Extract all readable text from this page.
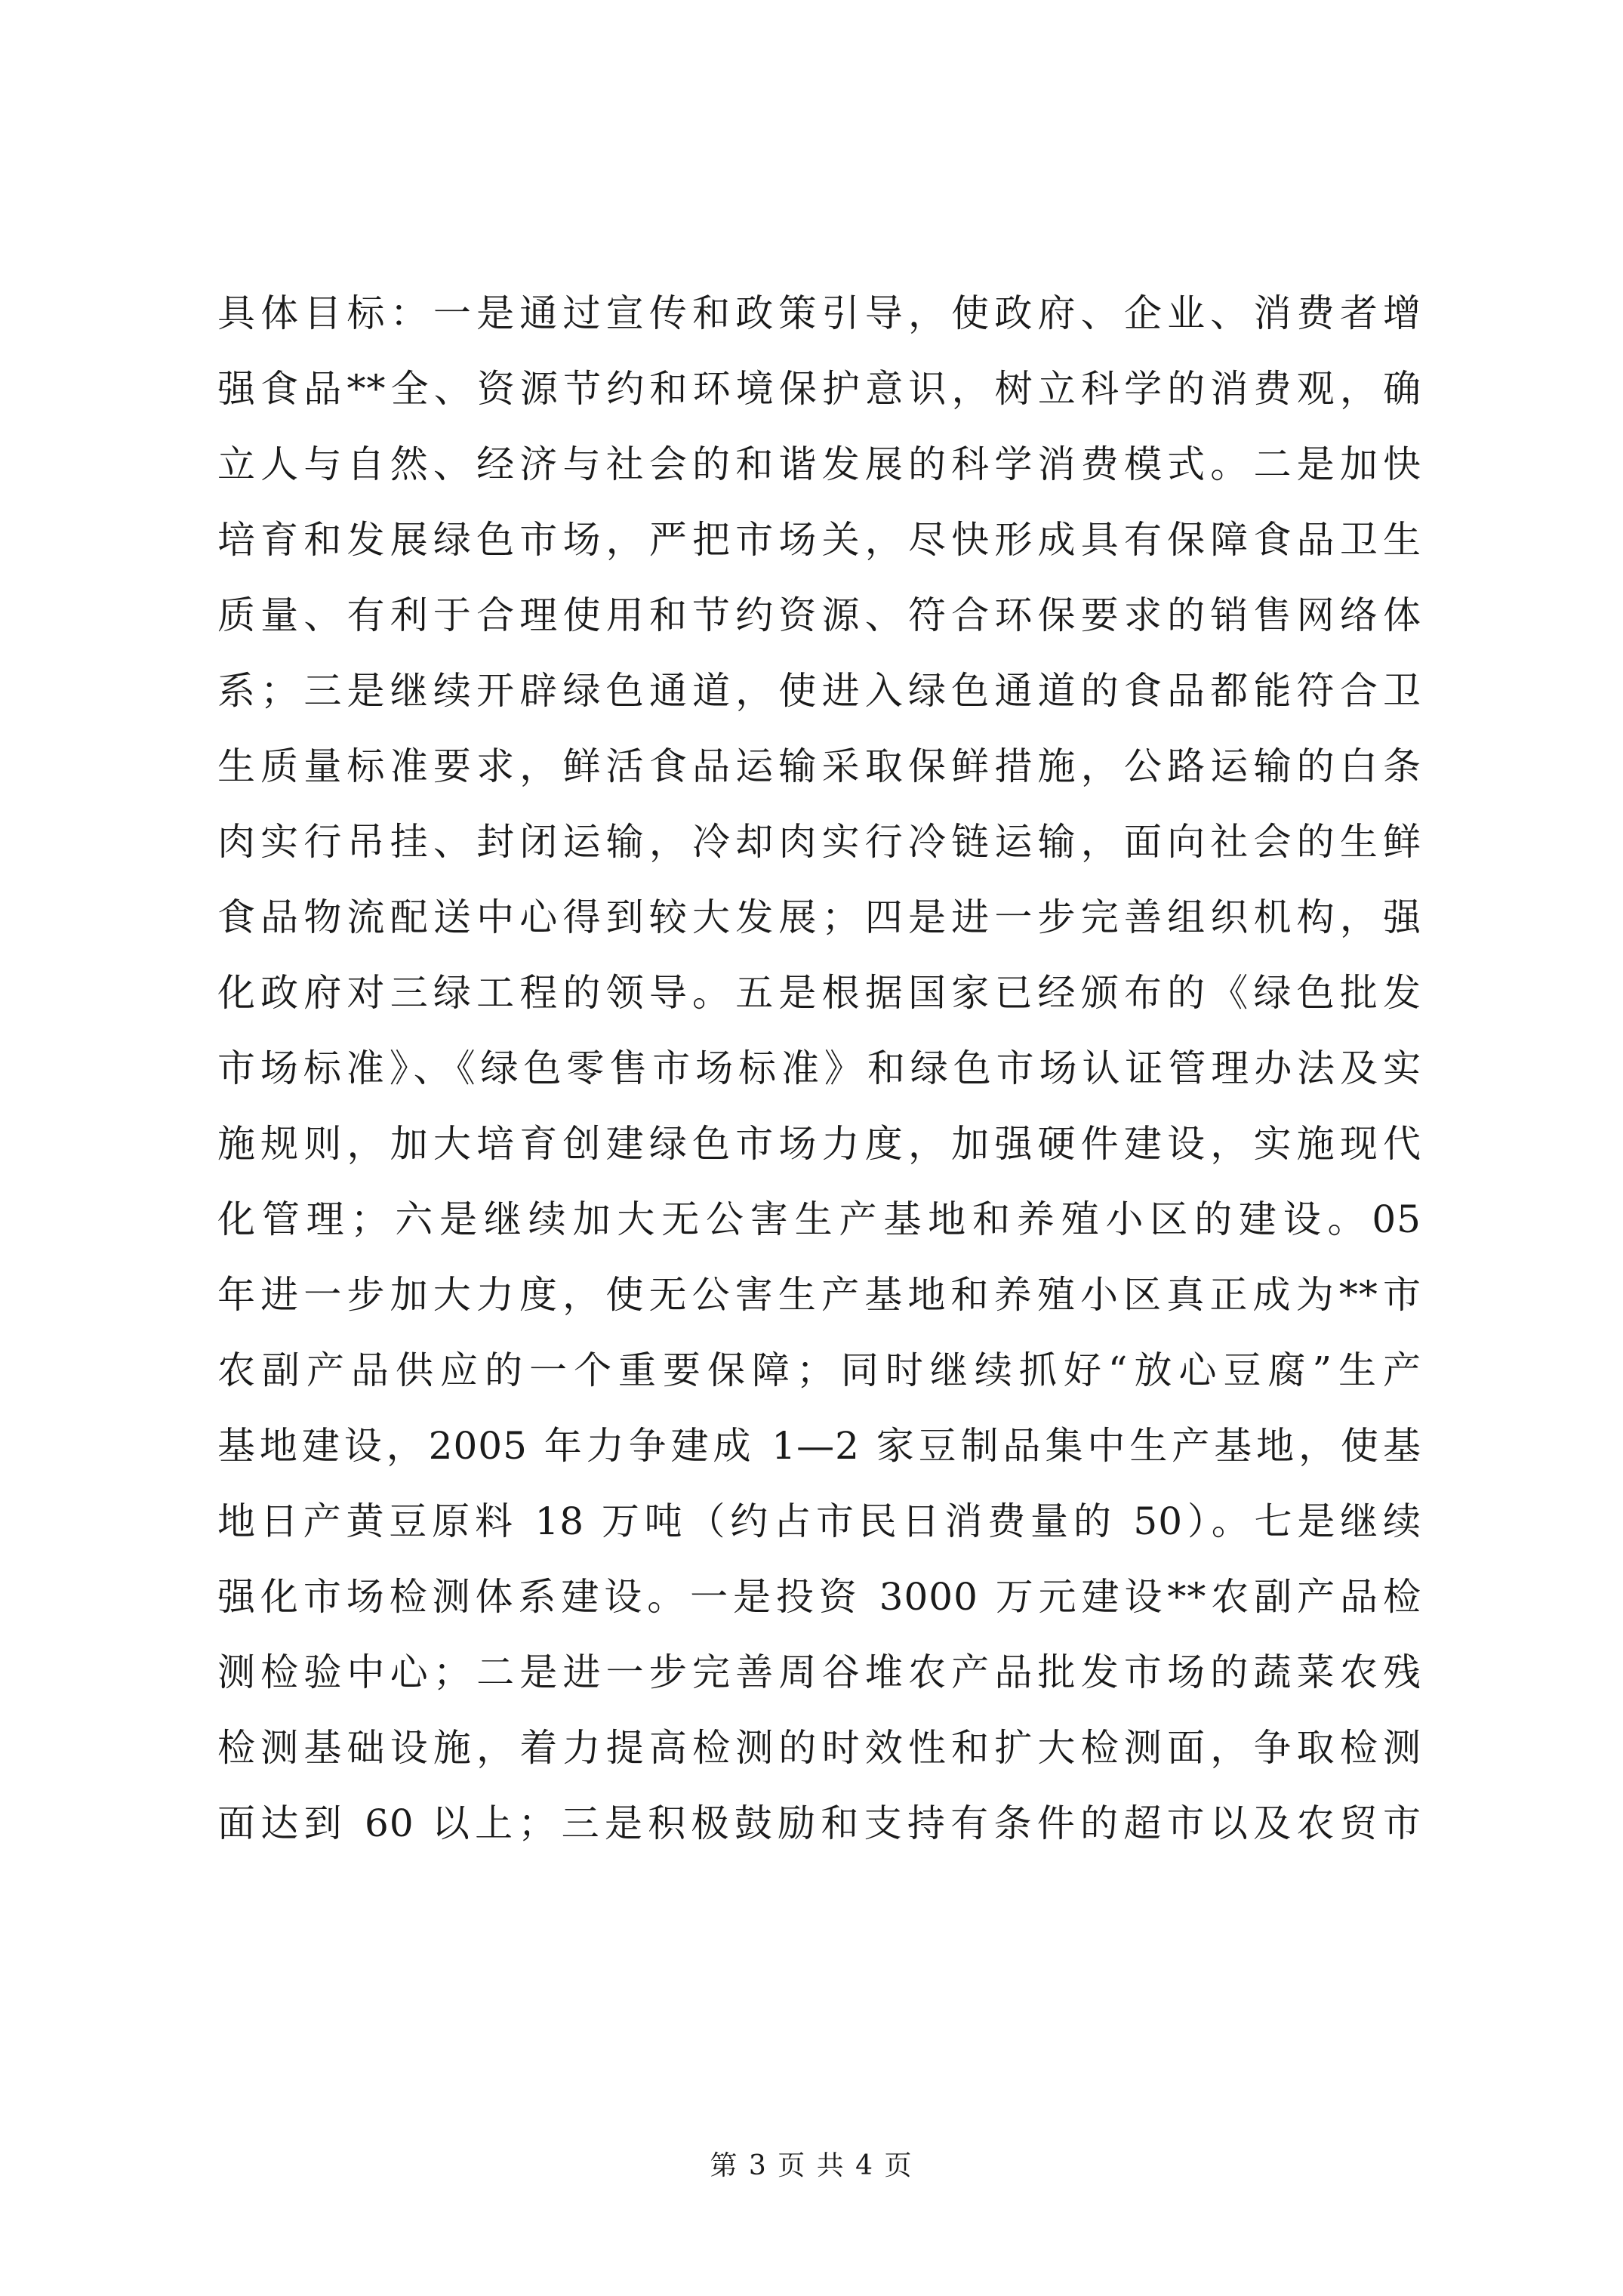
具体目标：一是通过宣传和政策引导，使政府、企业、消费者增
强食品**全、资源节约和环境保护意识，树立科学的消费观，确
立人与自然、经济与社会的和谐发展的科学消费模式。二是加快
培育和发展绿色市场，严把市场关，尽快形成具有保障食品卫生
质量、有利于合理使用和节约资源、符合环保要求的销售网络体
系；三是继续开辟绿色通道，使进入绿色通道的食品都能符合卫
生质量标准要求，鲜活食品运输采取保鲜措施，公路运输的白条
肉实行吊挂、封闭运输，冷却肉实行冷链运输，面向社会的生鲜
食品物流配送中心得到较大发展；四是进一步完善组织机构，强
化政府对三绿工程的领导。五是根据国家已经颁布的《绿色批发
市场标准》、《绿色零售市场标准》和绿色市场认证管理办法及实
施规则，加大培育创建绿色市场力度，加强硬件建设，实施现代
化管理；六是继续加大无公害生产基地和养殖小区的建设。05
年进一步加大力度，使无公害生产基地和养殖小区真正成为**市
农副产品供应的一个重要保障；同时继续抓好“放心豆腐”生产
基地建设，2005 年力争建成 1—2 家豆制品集中生产基地，使基
地日产黄豆原料 18 万吨（约占市民日消费量的 50）。七是继续
强化市场检测体系建设。一是投资 3000 万元建设**农副产品检
测检验中心；二是进一步完善周谷堆农产品批发市场的蔬菜农残
检测基础设施，着力提高检测的时效性和扩大检测面，争取检测
面达到 60 以上；三是积极鼓励和支持有条件的超市以及农贸市
第 3 页 共 4 页
